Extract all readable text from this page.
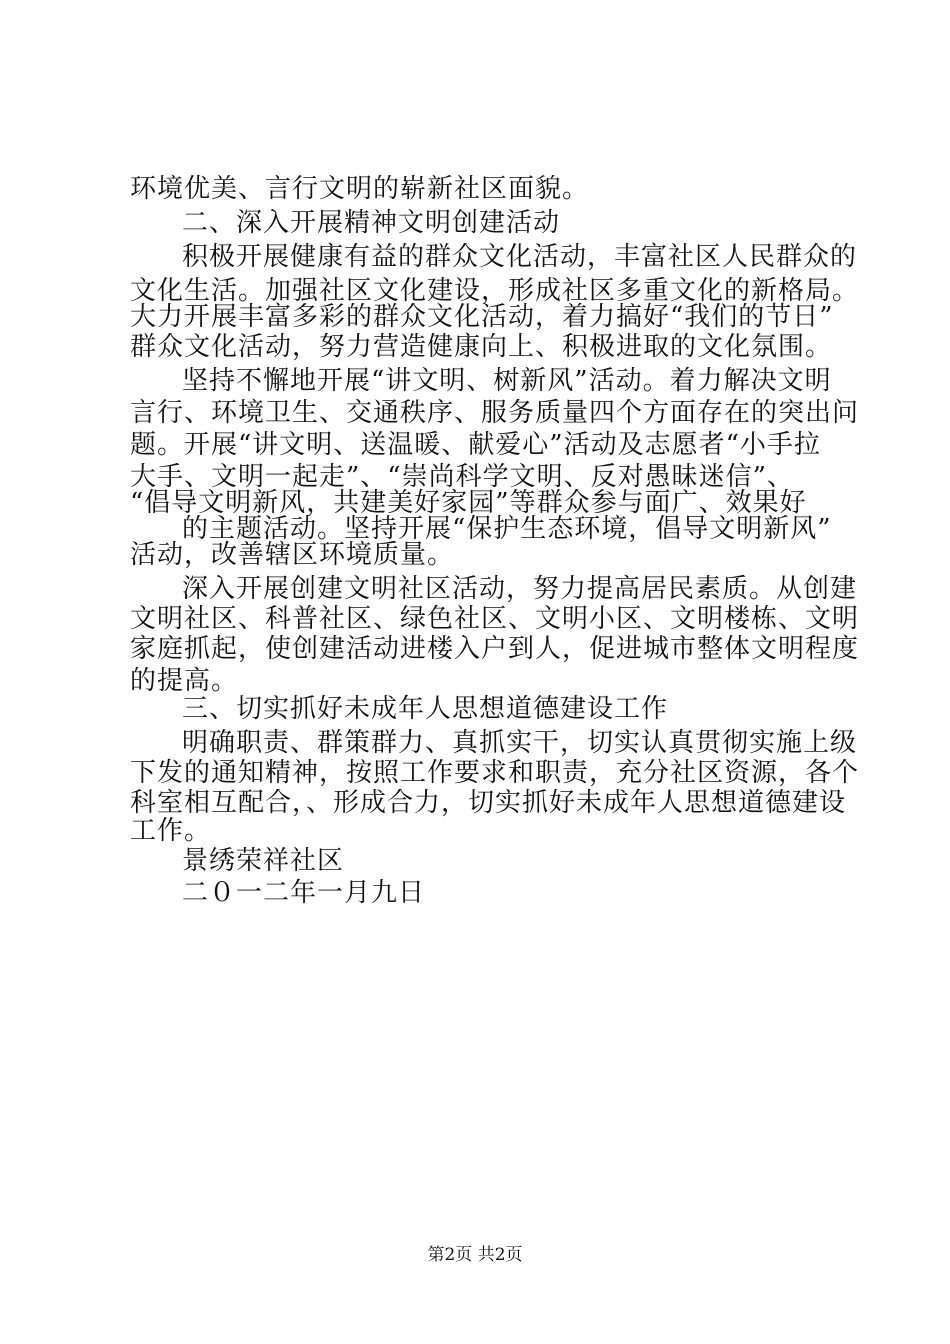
环境优美、言行文明的崭新社区面貌。
二、深入开展精神文明创建活动
积极开展健康有益的群众文化活动，丰富社区人民群众的
文化生活。加强社区文化建设，形成社区多重文化的新格局。
大力开展丰富多彩的群众文化活动，着力搞好“我们的节日”
群众文化活动，努力营造健康向上、积极进取的文化氛围。
坚持不懈地开展“讲文明、树新风”活动。着力解决文明
言行、环境卫生、交通秩序、服务质量四个方面存在的突出问
题。开展“讲文明、送温暖、献爱心”活动及志愿者“小手拉
大手、文明一起走”、“崇尚科学文明、反对愚昧迷信”、
“倡导文明新风，共建美好家园”等群众参与面广、效果好
的主题活动。坚持开展“保护生态环境，倡导文明新风”
活动，改善辖区环境质量。
深入开展创建文明社区活动，努力提高居民素质。从创建
文明社区、科普社区、绿色社区、文明小区、文明楼栋、文明
家庭抓起，使创建活动进楼入户到人，促进城市整体文明程度
的提高。
三、切实抓好未成年人思想道德建设工作
明确职责、群策群力、真抓实干，切实认真贯彻实施上级
下发的通知精神，按照工作要求和职责，充分社区资源，各个
科室相互配合，、形成合力，切实抓好未成年人思想道德建设
工作。
景绣荣祥社区
二０一二年一月九日
第2页 共2页
